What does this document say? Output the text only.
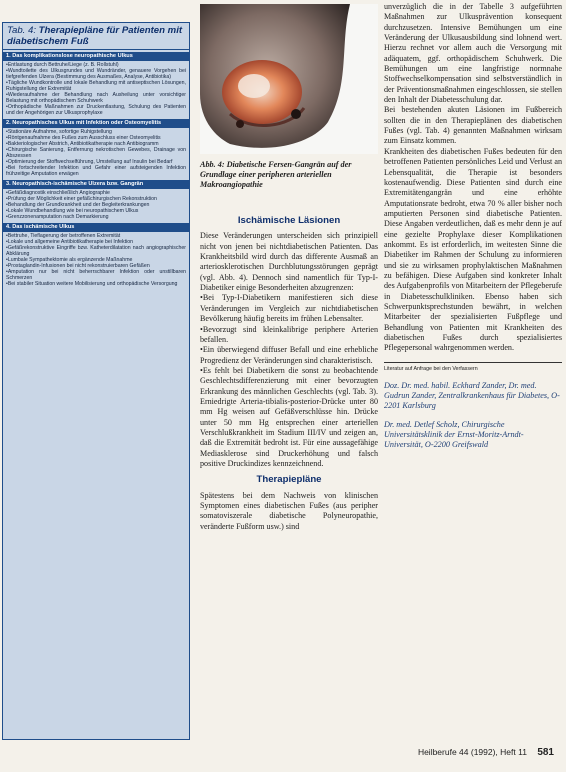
Tab. 4: Therapiepläne für Patienten mit diabetischem Fuß
1. Das komplikationslose neuropathische Ulkus

• Entlastung durch Bettruhe/Liege (z. B. Rollstuhl)

• Wundtoilette des Ulkusgrundes und Wundränder, genauere Vorgehen bei tiefgreifenden Ulzera (Bestimmung des Ausmaßes, Analyse, Antibiotika)

• Tägliche Wundkontrolle und lokale Behandlung mit antiseptischen Lösungen, Ruhigstellung der Extremität

• Wiederaufnahme der Behandlung nach Ausheilung unter vorsichtiger Belastung mit orthopädischem Schuhwerk

• Orthopädische Maßnahmen zur Druckentlastung, Schulung des Patienten und der Angehörigen zur Ulkusprophylaxe

2. Neuropathisches Ulkus mit Infektion oder Osteomyelitis

• Stationäre Aufnahme, sofortige Ruhigstellung

• Röntgenaufnahme des Fußes zum Ausschluss einer Osteomyelitis

• Bakteriologischer Abstrich, Antibiotikatherapie nach Antibiogramm

• Chirurgische Sanierung, Entfernung nekrotischen Gewebes, Drainage von Abszessen

• Optimierung der Stoffwechselführung, Umstellung auf Insulin bei Bedarf

• Bei fortschreitender Infektion und Gefahr einer aufsteigenden Infektion frühzeitige Amputation erwägen

3. Neuropathisch-ischämische Ulzera bzw. Gangrän

• Gefäßdiagnostik einschließlich Angiographie

• Prüfung der Möglichkeit einer gefäßchirurgischen Rekonstruktion

• Behandlung der Grundkrankheit und der Begleiterkrankungen

• Lokale Wundbehandlung wie bei neuropathischem Ulkus

• Grenzzonenamputation nach Demarkierung

4. Das ischämische Ulkus

• Bettruhe, Tieflagerung der betroffenen Extremität

• Lokale und allgemeine Antibiotikatherapie bei Infektion

• Gefäßrekonstruktive Eingriffe bzw. Katheterdilatation nach angiographischer Abklärung

• Lumbale Sympathektomie als ergänzende Maßnahme

• Prostaglandin-Infusionen bei nicht rekonstruierbaren Gefäßen

• Amputation nur bei nicht beherrschbarer Infektion oder unstillbaren Schmerzen

• Bei stabiler Situation weitere Mobilisierung und orthopädische Versorgung

Abb. 4: Diabetische Fersen-Gangrän auf der Grundlage einer peripheren arteriellen Makroangiopathie

Ischämische Läsionen

Diese Veränderungen unterscheiden sich prinzipiell nicht von jenen bei nichtdiabetischen Patienten. Das Krankheitsbild wird durch das differente Ausmaß an arteriosklerotischen Durchblutungsstörungen geprägt (vgl. Abb. 4). Dennoch sind namentlich für Typ-I-Diabetiker einige Besonderheiten abzugrenzen:

• Bei Typ-I-Diabetikern manifestieren sich diese Veränderungen im Vergleich zur nichtdiabetischen Bevölkerung häufig bereits im frühen Lebensalter.

• Bevorzugt sind kleinkalibrige periphere Arterien befallen.

• Ein überwiegend diffuser Befall und eine erhebliche Progredienz der Veränderungen sind charakteristisch.

• Es fehlt bei Diabetikern die sonst zu beobachtende Geschlechtsdifferenzierung mit einer bevorzugten Erkrankung des männlichen Geschlechts (vgl. Tab. 3). Erniedrigte Arteria-tibialis-posterior-Drücke unter 80 mm Hg weisen auf Gefäßverschlüsse hin. Drücke unter 50 mm Hg entsprechen einer arteriellen Verschlußkrankheit im Stadium III/IV und zeigen an, daß die Extremität bedroht ist. Für eine aussagefähige Mediasklerose sind Druckerhöhung und falsch positive Druckindizes kennzeichnend.

Therapiepläne

Spätestens bei dem Nachweis von klinischen Symptomen eines diabetischen Fußes (aus peripher somatoviszerale diabetische Polyneuropathie, veränderte Fußform usw.) sind

unverzüglich die in der Tabelle 3 aufgeführten Maßnahmen zur Ulkusprävention konsequent durchzusetzen. Intensive Bemühungen um eine Veränderung der Ulkusausbildung sind lohnend wert. Hierzu rechnet vor allem auch die Versorgung mit adäquatem, ggf. orthopädischem Schuhwerk. Die Bemühungen um eine langfristige normnahe Stoffwechselkompensation sind selbstverständlich in der Präventionsmaßnahmen eingeschlossen, sie stellen den Inhalt der Diabetesschulung dar.

Bei bestehenden akuten Läsionen im Fußbereich sollten die in den Therapieplänen des diabetischen Fußes (vgl. Tab. 4) genannten Maßnahmen wirksam zum Einsatz kommen.

Krankheiten des diabetischen Fußes bedeuten für den betroffenen Patienten persönliches Leid und Verlust an Lebensqualität, die Therapie ist besonders kostenaufwendig. Diese Patienten sind durch eine Extremitätengangrän und eine erhöhte Amputationsrate bedroht, etwa 70 % aller bisher noch amputierten Personen sind diabetische Patienten. Diese Angaben verdeutlichen, daß es mehr denn je auf eine gezielte Prophylaxe dieser Komplikationen ankommt. Es ist erforderlich, im weitesten Sinne die Diabetiker im Rahmen der Schulung zu informieren und sie zu wirksamen prophylaktischen Maßnahmen zu befähigen. Diese Aufgaben sind konkreter Inhalt des Aufgabenprofils von Mitarbeitern der Pflegeberufe in Diabetesschulkliniken. Ebenso haben sich Schwerpunktsprechstunden bewährt, in welchen Mitarbeiter der spezialisierten Fußpflege und Behandlung von Patienten mit Krankheiten des diabetischen Fußes durch spezialisiertes Pflegepersonal wahrgenommen werden.

Literatur auf Anfrage bei den Verfassern
Doz. Dr. med. habil. Eckhard Zander, Dr. med. Gudrun Zander, Zentralkrankenhaus für Diabetes, O-2201 Karlsburg
Dr. med. Detlef Scholz, Chirurgische Universitätsklinik der Ernst-Moritz-Arndt-Universität, O-2200 Greifswald
Heilberufe 44 (1992), Heft 11 581
